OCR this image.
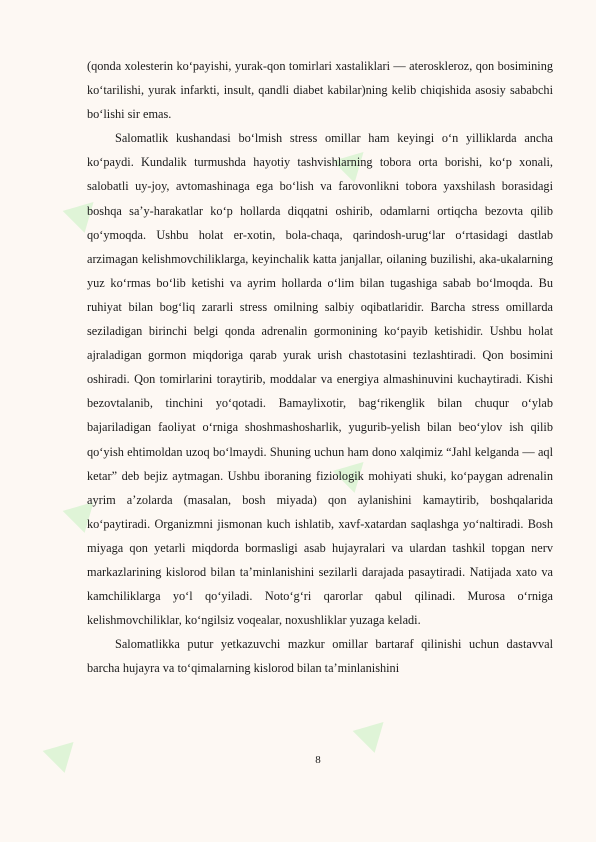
‣
‣
‣ ‣
‣	‣

(qonda xolesterin ko‘payishi, yurak-qon tomirlari xastaliklari — ateroskleroz, qon bosimining ko‘tarilishi, yurak infarkti, insult, qandli diabet kabilar)ning kelib chiqishida asosiy sababchi bo‘lishi sir emas.

Salomatlik kushandasi bo‘lmish stress omillar ham keyingi o‘n yilliklarda ancha ko‘paydi. Kundalik turmushda hayotiy tashvishlarning tobora orta borishi, ko‘p xonali, salobatli uy-joy, avtomashinaga ega bo‘lish va farovonlikni tobora yaxshilash borasidagi boshqa sa’y-harakatlar ko‘p hollarda diqqatni oshirib, odamlarni ortiqcha bezovta qilib qo‘ymoqda. Ushbu holat er-xotin, bola-chaqa, qarindosh-urug‘lar o‘rtasidagi dastlab arzimagan kelishmovchiliklarga, keyinchalik katta janjallar, oilaning buzilishi, aka-ukalarning yuz ko‘rmas bo‘lib ketishi va ayrim hollarda o‘lim bilan tugashiga sabab bo‘lmoqda. Bu ruhiyat bilan bog‘liq zararli stress omilning salbiy oqibatlaridir. Barcha stress omillarda seziladigan birinchi belgi qonda adrenalin gormonining ko‘payib ketishidir. Ushbu holat ajraladigan gormon miqdoriga qarab yurak urish chastotasini tezlashtiradi. Qon bosimini oshiradi. Qon tomirlarini toraytirib, moddalar va energiya almashinuvini kuchaytiradi. Kishi bezovtalanib, tinchini yo‘qotadi. Bamaylixotir, bag‘rikenglik bilan chuqur o‘ylab bajariladigan faoliyat o‘rniga shoshmashosharlik, yugurib-yelish bilan beo‘ylov ish qilib qo‘yish ehtimoldan uzoq bo‘lmaydi. Shuning uchun ham dono xalqimiz “Jahl kelganda — aql ketar” deb bejiz aytmagan. Ushbu iboraning fiziologik mohiyati shuki, ko‘paygan adrenalin ayrim a’zolarda (masalan, bosh miyada) qon aylanishini kamaytirib, boshqalarida ko‘paytiradi. Organizmni jismonan kuch ishlatib, xavf-xatardan saqlashga yo‘naltiradi. Bosh miyaga qon yetarli miqdorda bormasligi asab hujayralari va ulardan tashkil topgan nerv markazlarining kislorod bilan ta’minlanishini sezilarli darajada pasaytiradi. Natijada xato va kamchiliklarga yo‘l qo‘yiladi. Noto‘g‘ri qarorlar qabul qilinadi. Murosa o‘rniga kelishmovchiliklar, ko‘ngilsiz voqealar, noxushliklar yuzaga keladi.

Salomatlikka putur yetkazuvchi mazkur omillar bartaraf qilinishi uchun dastavval barcha hujayra va to‘qimalarning kislorod bilan ta’minlanishini

8
